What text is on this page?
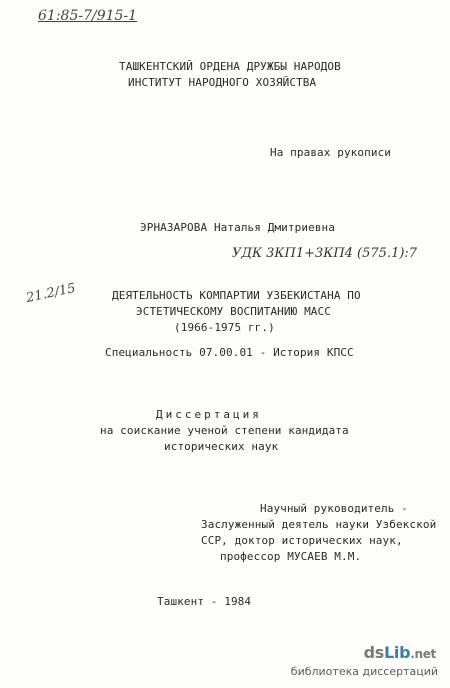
61:85-7/915-1
ТАШКЕНТСКИЙ ОРДЕНА ДРУЖБЫ НАРОДОВ
ИНСТИТУТ НАРОДНОГО ХОЗЯЙСТВА
На правах рукописи
ЭРНАЗАРОВА Наталья Дмитриевна
УДК 3КП1+3КП4 (575.1):7
21.2/15	ДЕЯТЕЛЬНОСТЬ КОМПАРТИИ УЗБЕКИСТАНА ПО
ЭСТЕТИЧЕСКОМУ ВОСПИТАНИЮ МАСС
(1966-1975 гг.)
Специальность 07.00.01 - История КПСС
Диссертация
на соискание ученой степени кандидата
исторических наук
Научный руководитель -
Заслуженный деятель науки Узбекской
ССР, доктор исторических наук,
профессор МУСАЕВ М.М.
Ташкент - 1984
dsLib.net
библиотека диссертаций
